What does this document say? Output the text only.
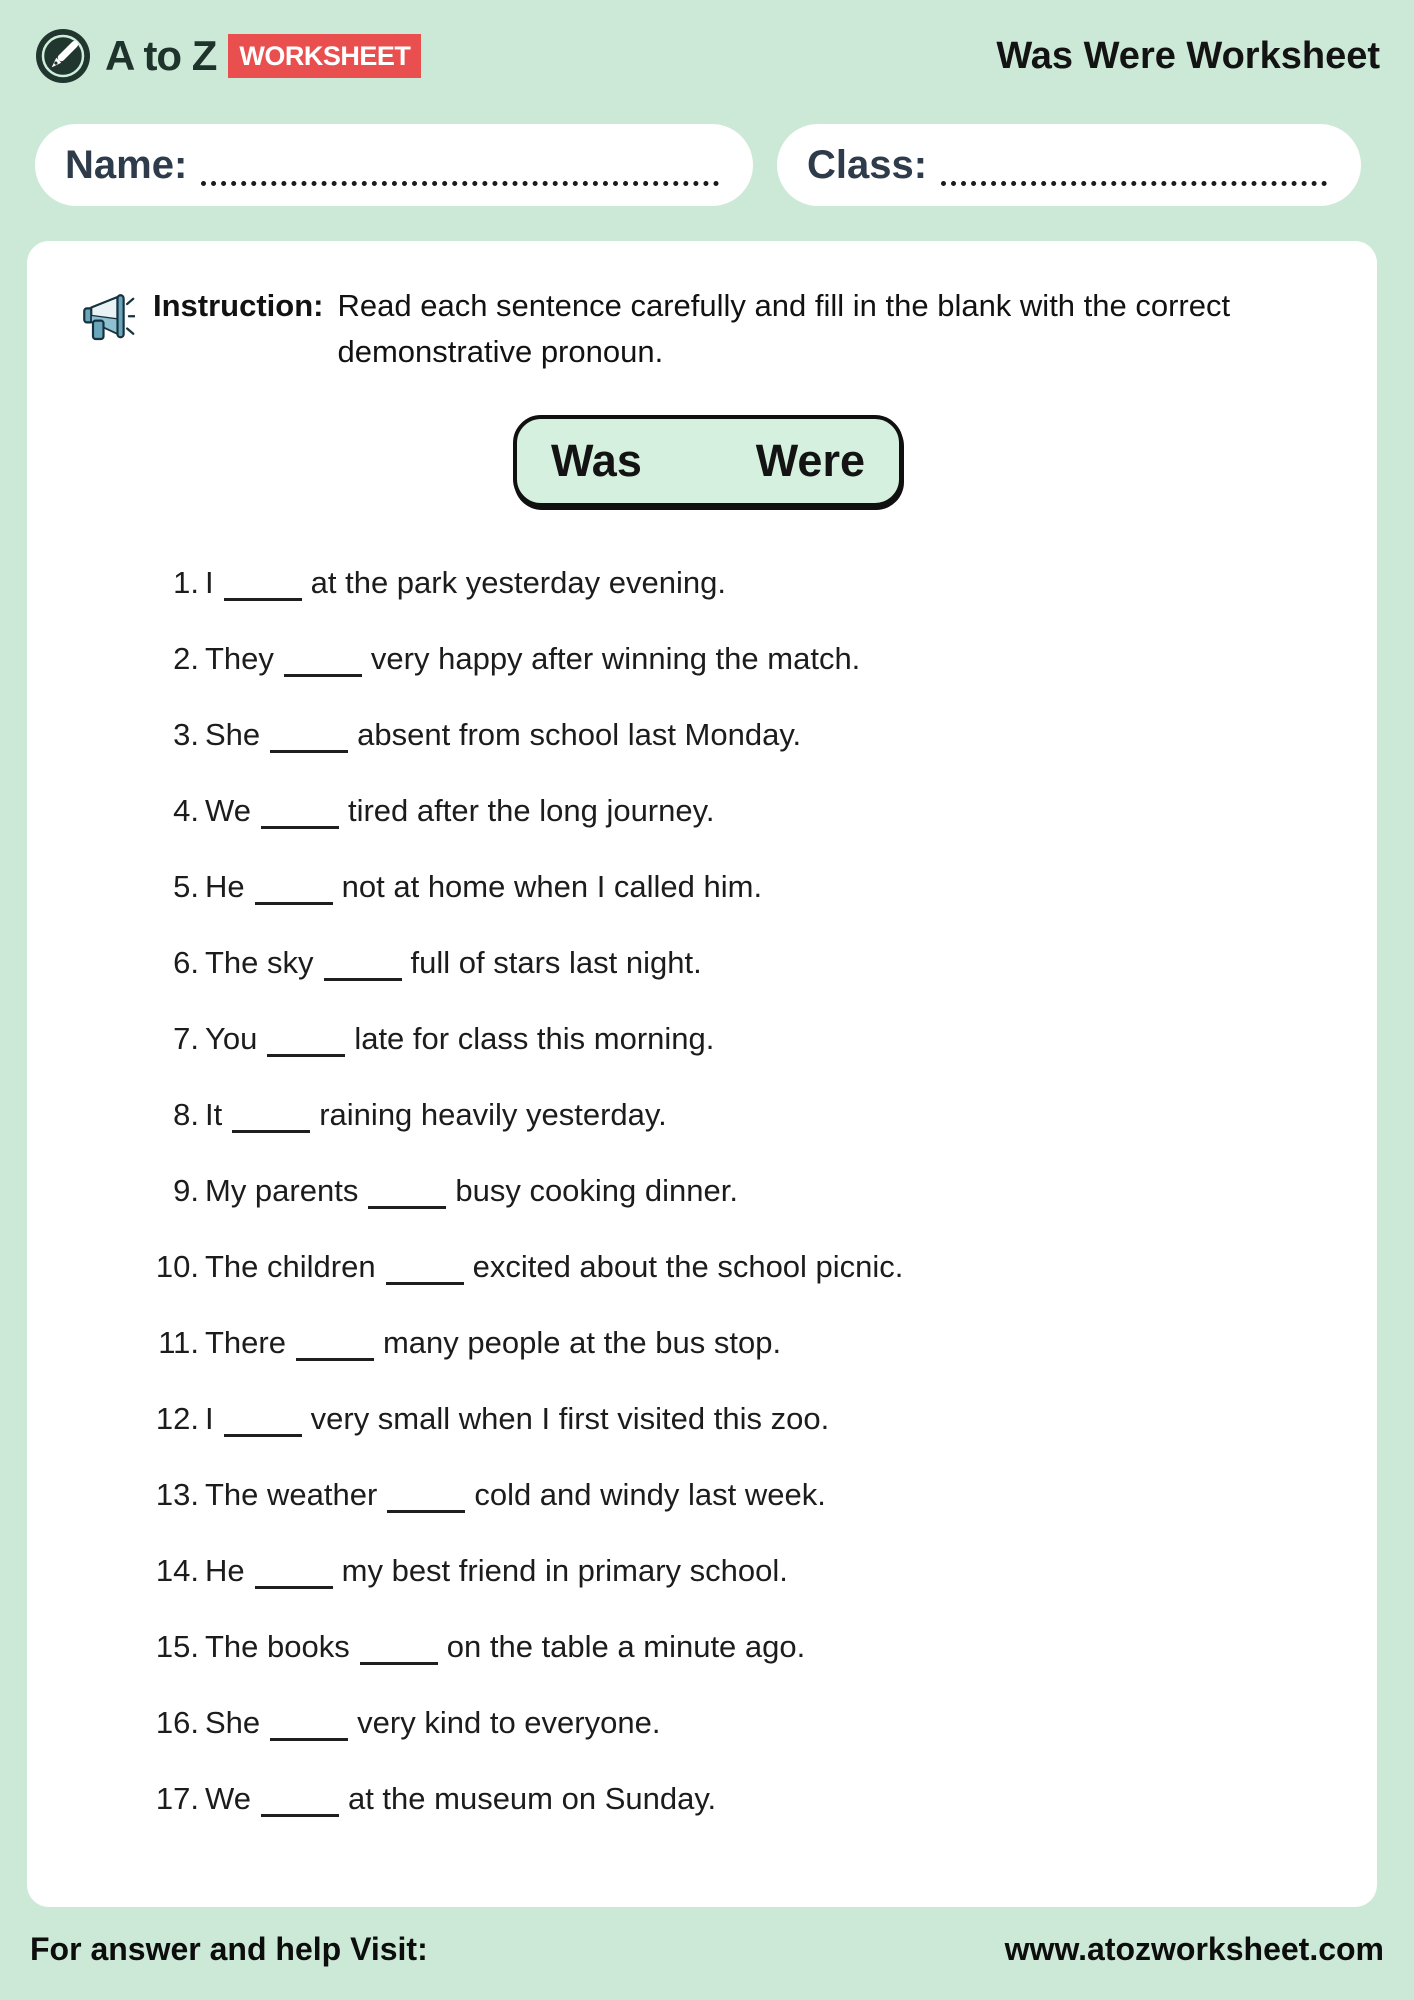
A to Z WORKSHEET	Was Were Worksheet
Name:	Class:
Instruction: Read each sentence carefully and fill in the blank with the correct demonstrative pronoun.

Was	Were
1. I	at the park yesterday evening.
2. They	very happy after winning the match.
3. She	absent from school last Monday.
4. We	tired after the long journey.
5. He	not at home when I called him.
6. The sky	full of stars last night.
7. You	late for class this morning.
8. It	raining heavily yesterday.
9. My parents	busy cooking dinner.
10. The children	excited about the school picnic.
11. There	many people at the bus stop.
12. I	very small when I first visited this zoo.
13. The weather	cold and windy last week.
14. He	my best friend in primary school.
15. The books	on the table a minute ago.
16. She	very kind to everyone.
17. We	at the museum on Sunday.
For answer and help Visit:	www.atozworksheet.com
